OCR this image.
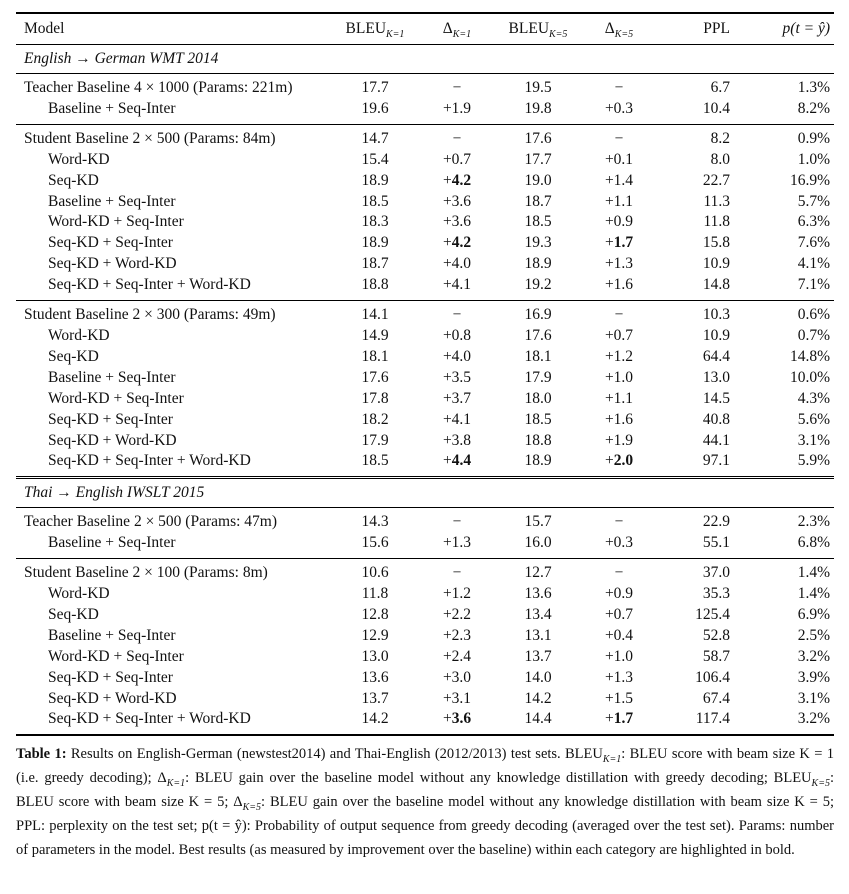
Model	$BLEU_{K=1}$	$\Delta_{K=1}$	$BLEU_{K=5}$	$\Delta_{K=5}$	PPL	p(t = ŷ)
English → German WMT 2014						
Teacher Baseline 4 × 1000 (Params: 221m)	17.7	−	19.5	−	6.7	1.3%
Baseline + Seq-Inter	19.6	+1.9	19.8	+0.3	10.4	8.2%
Student Baseline 2 × 500 (Params: 84m)	14.7	−	17.6	−	8.2	0.9%
Word-KD	15.4	+0.7	17.7	+0.1	8.0	1.0%
Seq-KD	18.9	+4.2	19.0	+1.4	22.7	16.9%
Baseline + Seq-Inter	18.5	+3.6	18.7	+1.1	11.3	5.7%
Word-KD + Seq-Inter	18.3	+3.6	18.5	+0.9	11.8	6.3%
Seq-KD + Seq-Inter	18.9	+4.2	19.3	+1.7	15.8	7.6%
Seq-KD + Word-KD	18.7	+4.0	18.9	+1.3	10.9	4.1%
Seq-KD + Seq-Inter + Word-KD	18.8	+4.1	19.2	+1.6	14.8	7.1%
Student Baseline 2 × 300 (Params: 49m)	14.1	−	16.9	−	10.3	0.6%
Word-KD	14.9	+0.8	17.6	+0.7	10.9	0.7%
Seq-KD	18.1	+4.0	18.1	+1.2	64.4	14.8%
Baseline + Seq-Inter	17.6	+3.5	17.9	+1.0	13.0	10.0%
Word-KD + Seq-Inter	17.8	+3.7	18.0	+1.1	14.5	4.3%
Seq-KD + Seq-Inter	18.2	+4.1	18.5	+1.6	40.8	5.6%
Seq-KD + Word-KD	17.9	+3.8	18.8	+1.9	44.1	3.1%
Seq-KD + Seq-Inter + Word-KD	18.5	+4.4	18.9	+2.0	97.1	5.9%
Thai → English IWSLT 2015						
Teacher Baseline 2 × 500 (Params: 47m)	14.3	−	15.7	−	22.9	2.3%
Baseline + Seq-Inter	15.6	+1.3	16.0	+0.3	55.1	6.8%
Student Baseline 2 × 100 (Params: 8m)	10.6	−	12.7	−	37.0	1.4%
Word-KD	11.8	+1.2	13.6	+0.9	35.3	1.4%
Seq-KD	12.8	+2.2	13.4	+0.7	125.4	6.9%
Baseline + Seq-Inter	12.9	+2.3	13.1	+0.4	52.8	2.5%
Word-KD + Seq-Inter	13.0	+2.4	13.7	+1.0	58.7	3.2%
Seq-KD + Seq-Inter	13.6	+3.0	14.0	+1.3	106.4	3.9%
Seq-KD + Word-KD	13.7	+3.1	14.2	+1.5	67.4	3.1%
Seq-KD + Seq-Inter + Word-KD	14.2	+3.6	14.4	+1.7	117.4	3.2%
Table 1: Results on English-German (newstest2014) and Thai-English (2012/2013) test sets. $BLEU_{K=1}$: BLEU score with beam size K = 1 (i.e. greedy decoding); $\Delta_{K=1}$: BLEU gain over the baseline model without any knowledge distillation with greedy decoding; $BLEU_{K=5}$: BLEU score with beam size K = 5; $\Delta_{K=5}$: BLEU gain over the baseline model without any knowledge distillation with beam size K = 5; PPL: perplexity on the test set; p(t = ŷ): Probability of output sequence from greedy decoding (averaged over the test set). Params: number of parameters in the model. Best results (as measured by improvement over the baseline) within each category are highlighted in bold.
